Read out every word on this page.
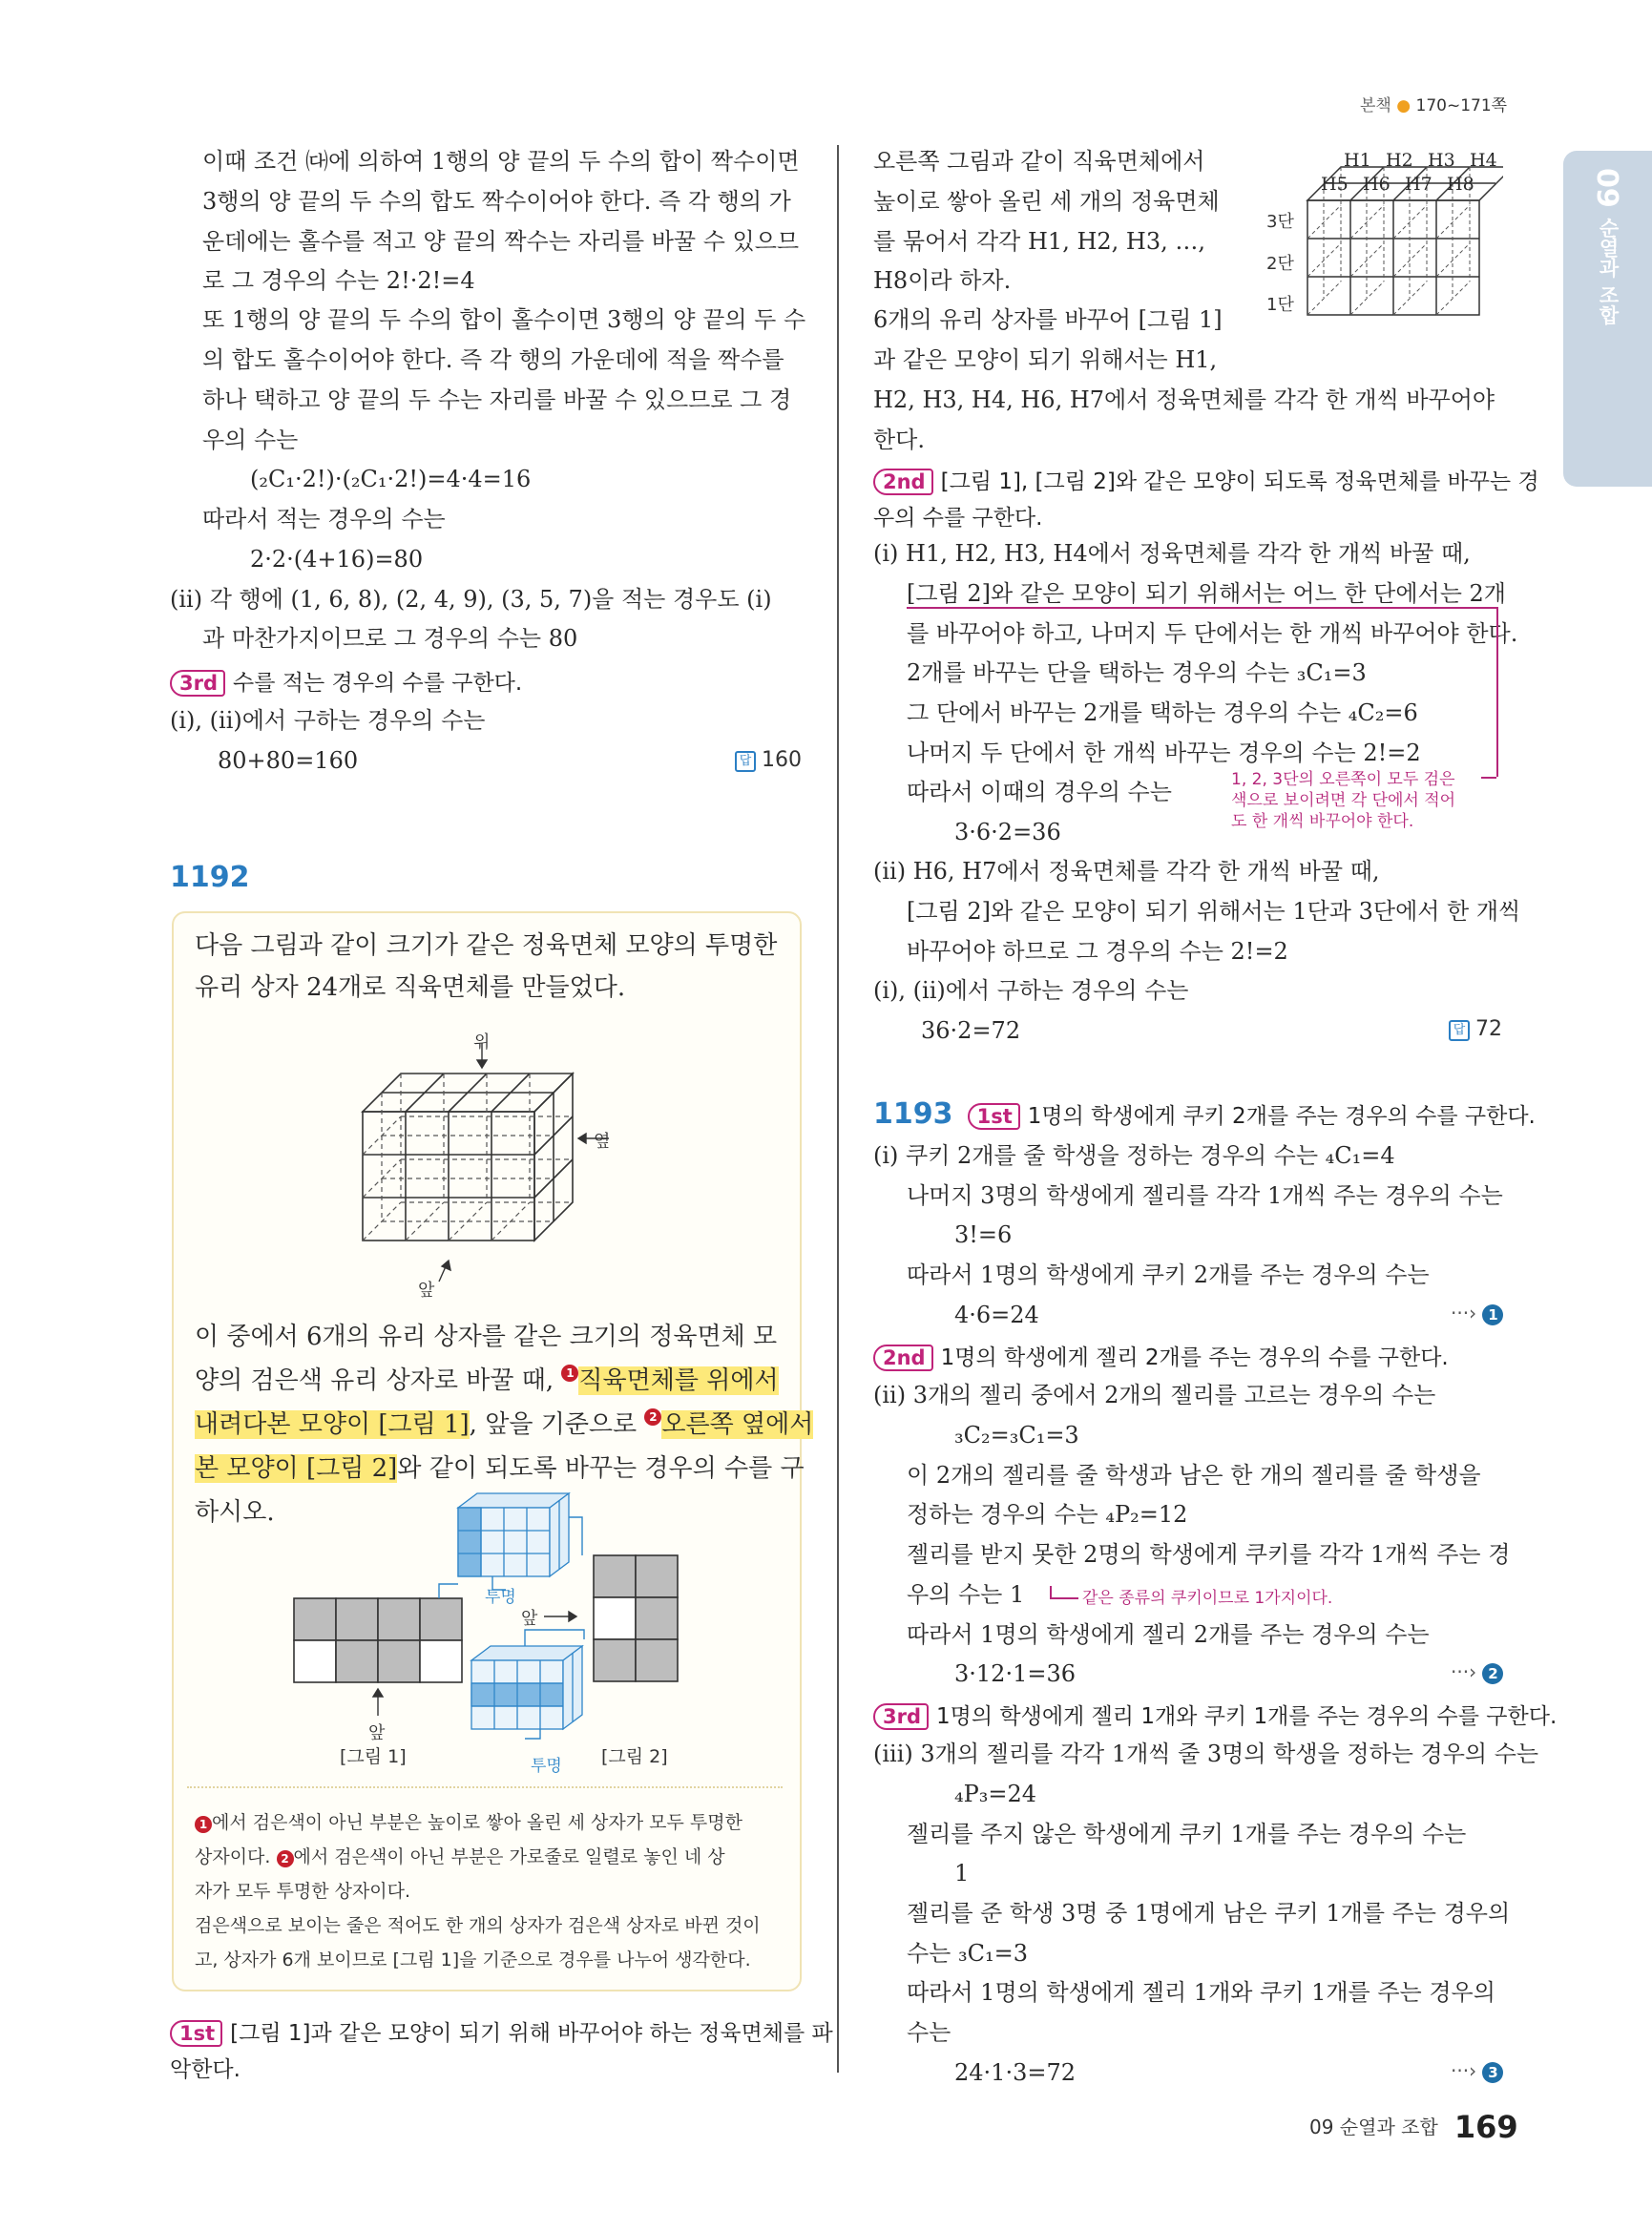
본책 ● 170~171쪽
09
순열과 조합
이때 조건 ㈐에 의하여 1행의 양 끝의 두 수의 합이 짝수이면
3행의 양 끝의 두 수의 합도 짝수이어야 한다. 즉 각 행의 가
운데에는 홀수를 적고 양 끝의 짝수는 자리를 바꿀 수 있으므
로 그 경우의 수는 2!·2!=4
또 1행의 양 끝의 두 수의 합이 홀수이면 3행의 양 끝의 두 수
의 합도 홀수이어야 한다. 즉 각 행의 가운데에 적을 짝수를
하나 택하고 양 끝의 두 수는 자리를 바꿀 수 있으므로 그 경
우의 수는
(₂C₁·2!)·(₂C₁·2!)=4·4=16
따라서 적는 경우의 수는
2·2·(4+16)=80
(ii) 각 행에 (1, 6, 8), (2, 4, 9), (3, 5, 7)을 적는 경우도 (i)
과 마찬가지이므로 그 경우의 수는 80
3rd 수를 적는 경우의 수를 구한다.
(i), (ii)에서 구하는 경우의 수는
80+80=160	답 160
1192
다음 그림과 같이 크기가 같은 정육면체 모양의 투명한
유리 상자 24개로 직육면체를 만들었다.
위
옆
앞
이 중에서 6개의 유리 상자를 같은 크기의 정육면체 모
양의 검은색 유리 상자로 바꿀 때, 1 직육면체를 위에서
내려다본 모양이 [그림 1], 앞을 기준으로 2 오른쪽 옆에서
본 모양이 [그림 2]와 같이 되도록 바꾸는 경우의 수를 구
하시오.
투명
앞
앞
[그림 1]	투명 [그림 2]
1 에서 검은색이 아닌 부분은 높이로 쌓아 올린 세 상자가 모두 투명한
상자이다. 2 에서 검은색이 아닌 부분은 가로줄로 일렬로 놓인 네 상
자가 모두 투명한 상자이다.
검은색으로 보이는 줄은 적어도 한 개의 상자가 검은색 상자로 바뀐 것이
고, 상자가 6개 보이므로 [그림 1]을 기준으로 경우를 나누어 생각한다.
1st [그림 1]과 같은 모양이 되기 위해 바꾸어야 하는 정육면체를 파
악한다.
오른쪽 그림과 같이 직육면체에서
높이로 쌓아 올린 세 개의 정육면체
를 묶어서 각각 H1, H2, H3, …,
H8이라 하자.
6개의 유리 상자를 바꾸어 [그림 1]
과 같은 모양이 되기 위해서는 H1,
H2, H3, H4, H6, H7에서 정육면체를 각각 한 개씩 바꾸어야
한다.
H1 H2 H3 H4
H5 H6 H7 H8
3단
2단
1단
2nd [그림 1], [그림 2]와 같은 모양이 되도록 정육면체를 바꾸는 경
우의 수를 구한다.
(i) H1, H2, H3, H4에서 정육면체를 각각 한 개씩 바꿀 때,
[그림 2]와 같은 모양이 되기 위해서는 어느 한 단에서는 2개
를 바꾸어야 하고, 나머지 두 단에서는 한 개씩 바꾸어야 한다.
2개를 바꾸는 단을 택하는 경우의 수는 ₃C₁=3
그 단에서 바꾸는 2개를 택하는 경우의 수는 ₄C₂=6
나머지 두 단에서 한 개씩 바꾸는 경우의 수는 2!=2
따라서 이때의 경우의 수는
3·6·2=36
(ii) H6, H7에서 정육면체를 각각 한 개씩 바꿀 때,
[그림 2]와 같은 모양이 되기 위해서는 1단과 3단에서 한 개씩
바꾸어야 하므로 그 경우의 수는 2!=2
(i), (ii)에서 구하는 경우의 수는
36·2=72
1, 2, 3단의 오른쪽이 모두 검은
색으로 보이려면 각 단에서 적어
도 한 개씩 바꾸어야 한다.
답 72
1193 1st 1명의 학생에게 쿠키 2개를 주는 경우의 수를 구한다.
(i) 쿠키 2개를 줄 학생을 정하는 경우의 수는 ₄C₁=4
나머지 3명의 학생에게 젤리를 각각 1개씩 주는 경우의 수는
3!=6
따라서 1명의 학생에게 쿠키 2개를 주는 경우의 수는
4·6=24	···› 1
2nd 1명의 학생에게 젤리 2개를 주는 경우의 수를 구한다.
(ii) 3개의 젤리 중에서 2개의 젤리를 고르는 경우의 수는
₃C₂=₃C₁=3
이 2개의 젤리를 줄 학생과 남은 한 개의 젤리를 줄 학생을
정하는 경우의 수는 ₄P₂=12
젤리를 받지 못한 2명의 학생에게 쿠키를 각각 1개씩 주는 경
우의 수는 1	같은 종류의 쿠키이므로 1가지이다.
따라서 1명의 학생에게 젤리 2개를 주는 경우의 수는
3·12·1=36	···› 2
3rd 1명의 학생에게 젤리 1개와 쿠키 1개를 주는 경우의 수를 구한다.
(iii) 3개의 젤리를 각각 1개씩 줄 3명의 학생을 정하는 경우의 수는
₄P₃=24
젤리를 주지 않은 학생에게 쿠키 1개를 주는 경우의 수는
1
젤리를 준 학생 3명 중 1명에게 남은 쿠키 1개를 주는 경우의
수는 ₃C₁=3
따라서 1명의 학생에게 젤리 1개와 쿠키 1개를 주는 경우의
수는
24·1·3=72	···› 3
09 순열과 조합 169
